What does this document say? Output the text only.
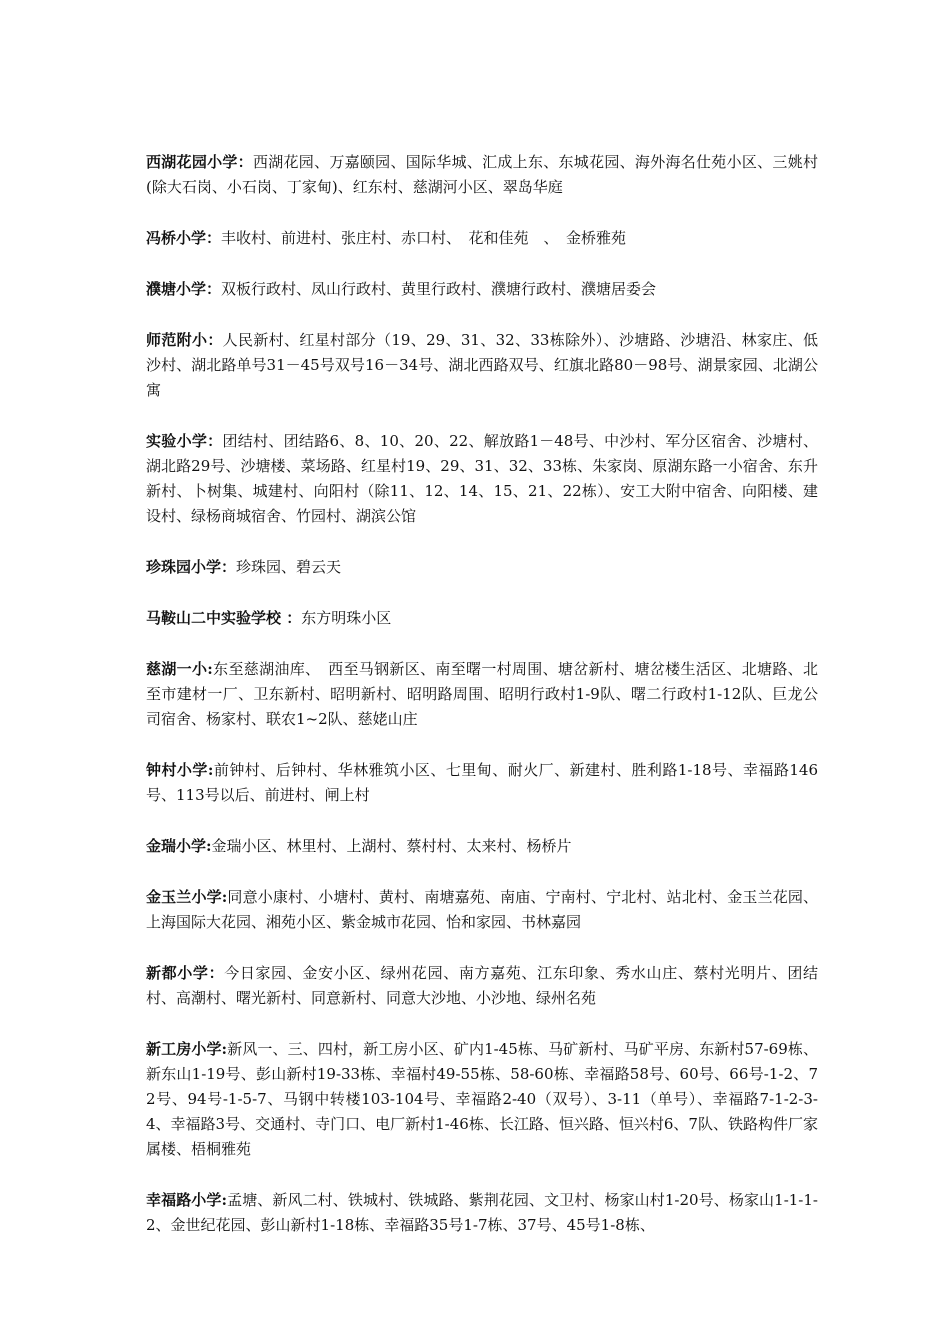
西湖花园小学：西湖花园、万嘉颐园、国际华城、汇成上东、东城花园、海外海名仕苑小区、三姚村(除大石岗、小石岗、丁家甸)、红东村、慈湖河小区、翠岛华庭

冯桥小学：丰收村、前进村、张庄村、赤口村、　花和佳苑　、　金桥雅苑

濮塘小学：双板行政村、凤山行政村、黄里行政村、濮塘行政村、濮塘居委会

师范附小：人民新村、红星村部分（19、29、31、32、33栋除外）、沙塘路、沙塘沿、林家庄、低沙村、湖北路单号31－45号双号16－34号、湖北西路双号、红旗北路80－98号、湖景家园、北湖公寓

实验小学：团结村、团结路6、8、10、20、22、解放路1－48号、中沙村、军分区宿舍、沙塘村、湖北路29号、沙塘楼、菜场路、红星村19、29、31、32、33栋、朱家岗、原湖东路一小宿舍、东升新村、卜树集、城建村、向阳村（除11、12、14、15、21、22栋）、安工大附中宿舍、向阳楼、建设村、绿杨商城宿舍、竹园村、湖滨公馆

珍珠园小学：珍珠园、碧云天

马鞍山二中实验学校 ：东方明珠小区

慈湖一小:东至慈湖油库、　西至马钢新区、南至曙一村周围、塘岔新村、塘岔楼生活区、北塘路、北至市建材一厂、卫东新村、昭明新村、昭明路周围、昭明行政村1-9队、曙二行政村1-12队、巨龙公司宿舍、杨家村、联农1~2队、慈姥山庄

钟村小学:前钟村、后钟村、华林雅筑小区、七里甸、耐火厂、新建村、胜利路1-18号、幸福路146号、113号以后、前进村、闸上村

金瑞小学:金瑞小区、林里村、上湖村、蔡村村、太来村、杨桥片

金玉兰小学:同意小康村、小塘村、黄村、南塘嘉苑、南庙、宁南村、宁北村、站北村、金玉兰花园、上海国际大花园、湘苑小区、紫金城市花园、怡和家园、书林嘉园

新都小学：今日家园、金安小区、绿州花园、南方嘉苑、江东印象、秀水山庄、蔡村光明片、团结村、高潮村、曙光新村、同意新村、同意大沙地、小沙地、绿州名苑

新工房小学:新风一、三、四村，新工房小区、矿内1-45栋、马矿新村、马矿平房、东新村57-69栋、新东山1-19号、彭山新村19-33栋、幸福村49-55栋、58-60栋、幸福路58号、60号、66号-1-2、72号、94号-1-5-7、马钢中转楼103-104号、幸福路2-40（双号）、3-11（单号）、幸福路7-1-2-3-4、幸福路3号、交通村、寺门口、电厂新村1-46栋、长江路、恒兴路、恒兴村6、7队、铁路构件厂家属楼、梧桐雅苑

幸福路小学:孟塘、新风二村、铁城村、铁城路、紫荆花园、文卫村、杨家山村1-20号、杨家山1-1-1-2、金世纪花园、彭山新村1-18栋、幸福路35号1-7栋、37号、45号1-8栋、
